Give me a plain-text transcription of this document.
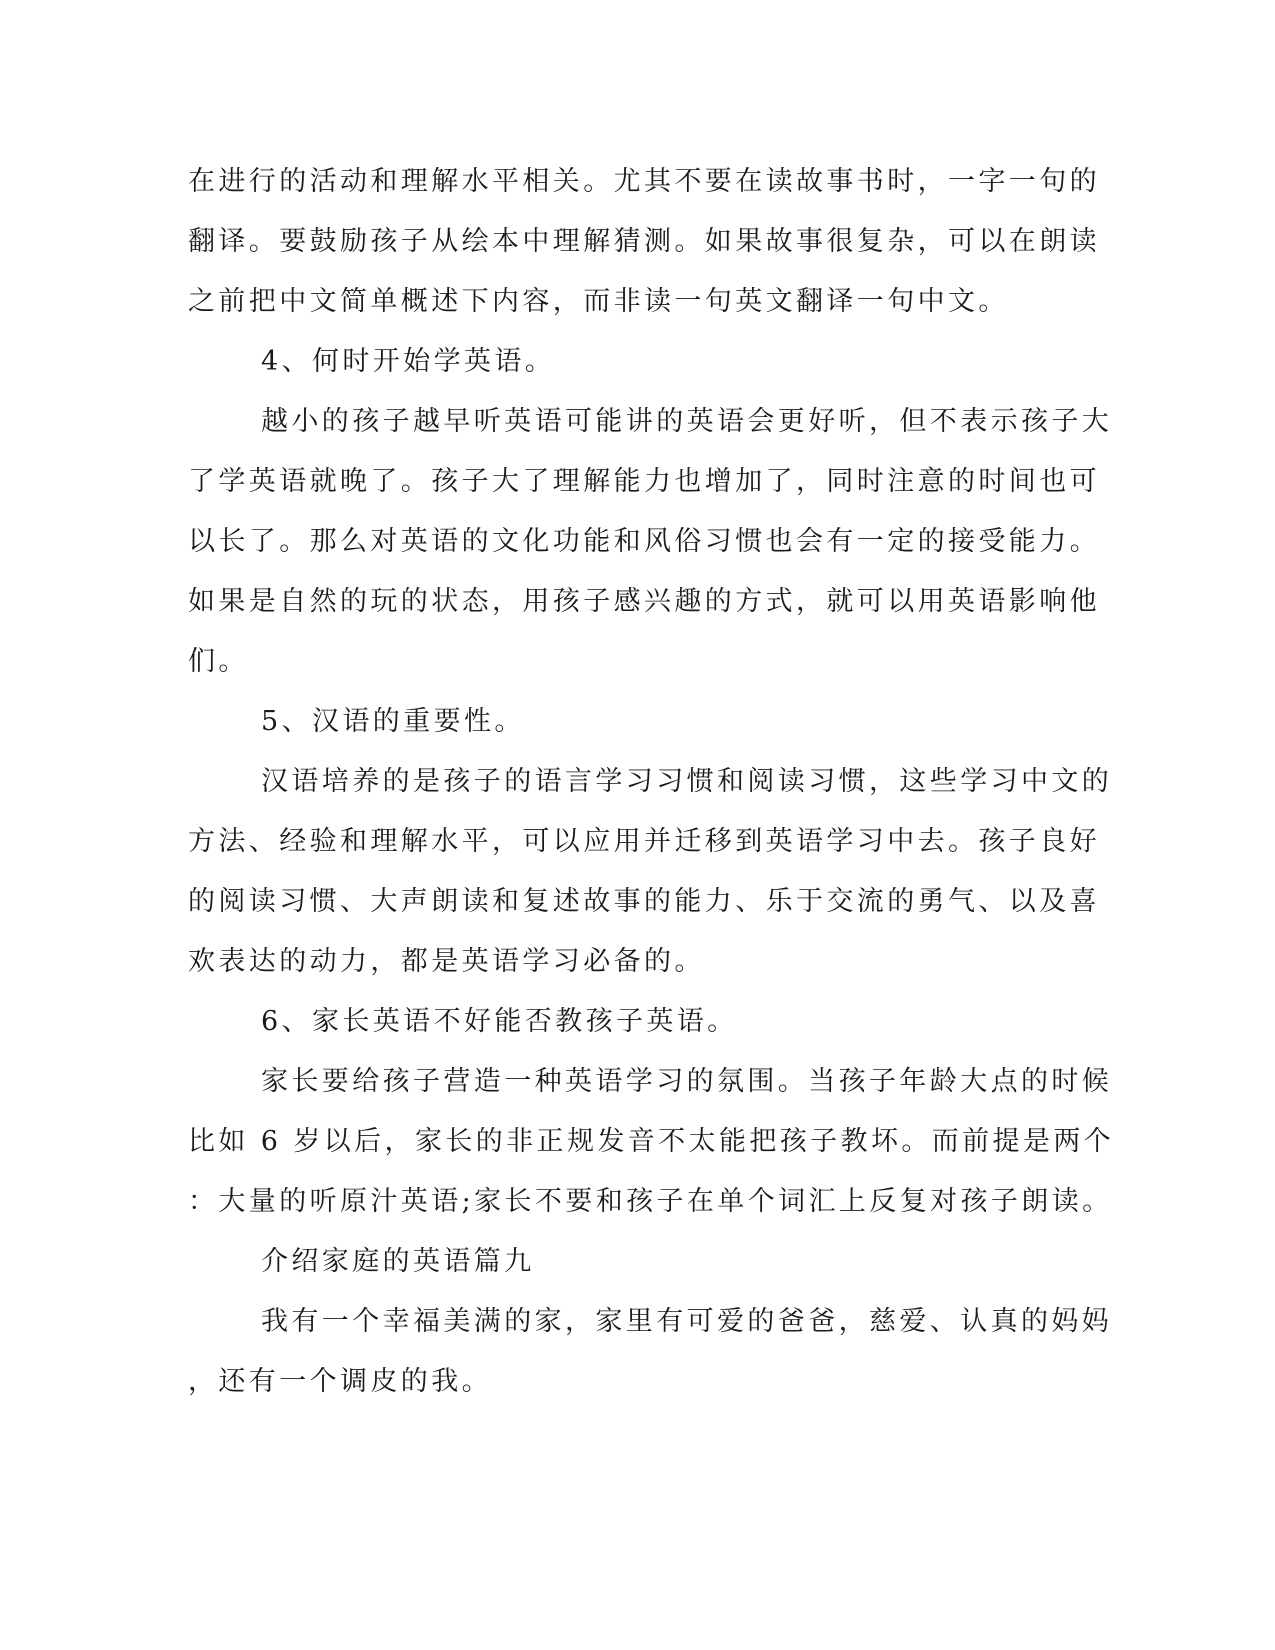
在进行的活动和理解水平相关。尤其不要在读故事书时，一字一句的
翻译。要鼓励孩子从绘本中理解猜测。如果故事很复杂，可以在朗读
之前把中文简单概述下内容，而非读一句英文翻译一句中文。
4、何时开始学英语。
越小的孩子越早听英语可能讲的英语会更好听，但不表示孩子大
了学英语就晚了。孩子大了理解能力也增加了，同时注意的时间也可
以长了。那么对英语的文化功能和风俗习惯也会有一定的接受能力。
如果是自然的玩的状态，用孩子感兴趣的方式，就可以用英语影响他
们。
5、汉语的重要性。
汉语培养的是孩子的语言学习习惯和阅读习惯，这些学习中文的
方法、经验和理解水平，可以应用并迁移到英语学习中去。孩子良好
的阅读习惯、大声朗读和复述故事的能力、乐于交流的勇气、以及喜
欢表达的动力，都是英语学习必备的。
6、家长英语不好能否教孩子英语。
家长要给孩子营造一种英语学习的氛围。当孩子年龄大点的时候
比如 6 岁以后，家长的非正规发音不太能把孩子教坏。而前提是两个
：大量的听原汁英语;家长不要和孩子在单个词汇上反复对孩子朗读。
介绍家庭的英语篇九
我有一个幸福美满的家，家里有可爱的爸爸，慈爱、认真的妈妈
，还有一个调皮的我。
